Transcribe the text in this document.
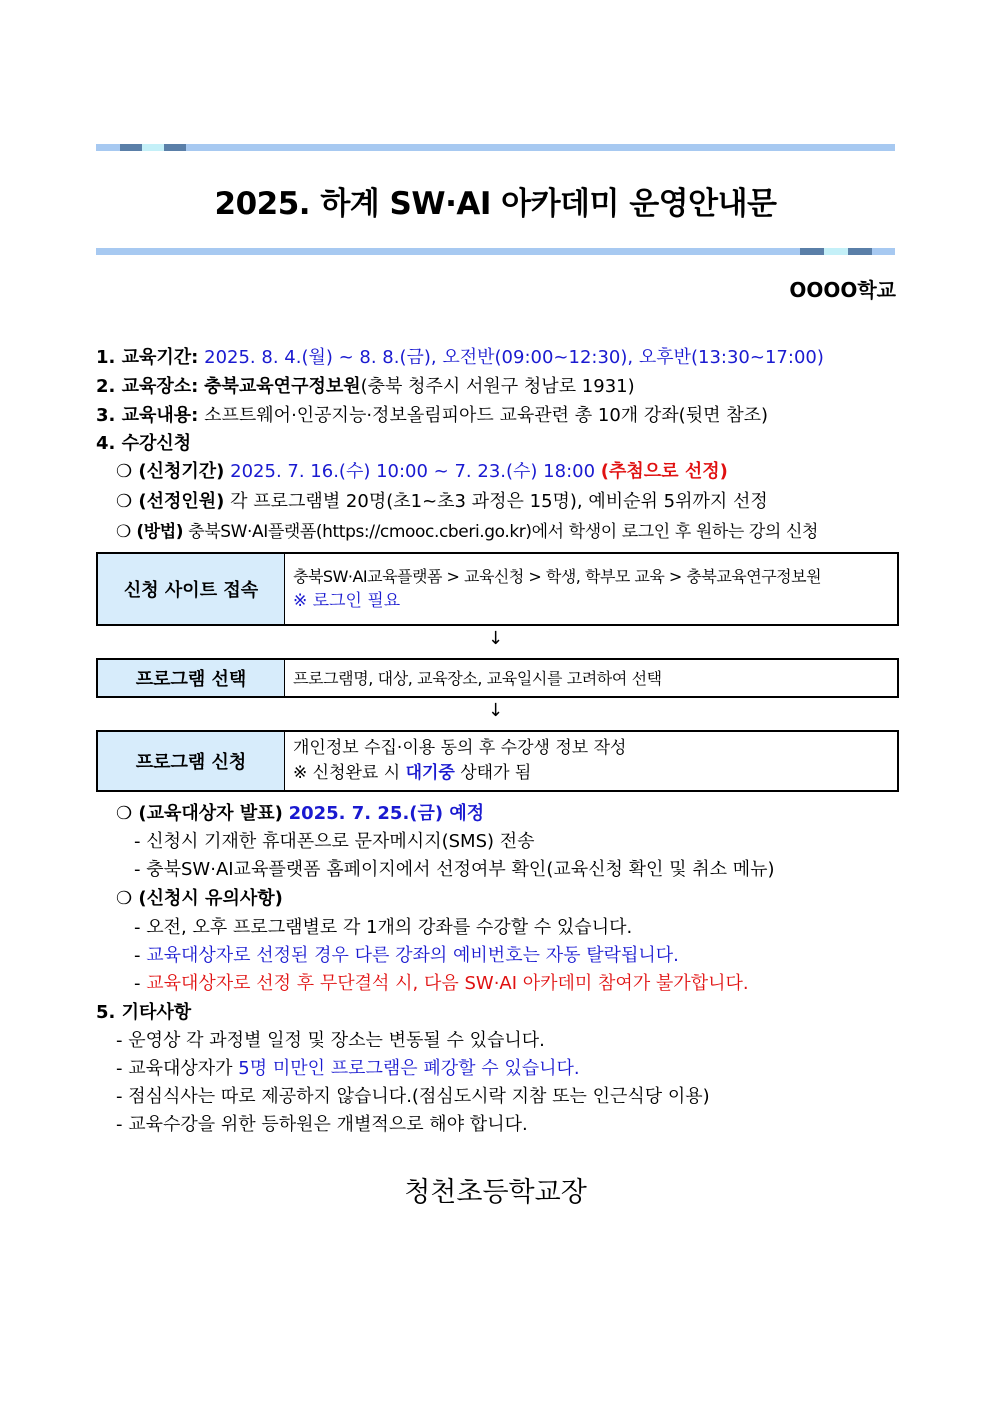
2025. 하계 SW·AI 아카데미 운영안내문
OOOO학교
1. 교육기간: 2025. 8. 4.(월) ~ 8. 8.(금), 오전반(09:00~12:30), 오후반(13:30~17:00)
2. 교육장소: 충북교육연구정보원(충북 청주시 서원구 청남로 1931)
3. 교육내용: 소프트웨어·인공지능·정보올림피아드 교육관련 총 10개 강좌(뒷면 참조)
4. 수강신청
❍ (신청기간) 2025. 7. 16.(수) 10:00 ~ 7. 23.(수) 18:00 (추첨으로 선정)
❍ (선정인원) 각 프로그램별 20명(초1~초3 과정은 15명), 예비순위 5위까지 선정
❍ (방법) 충북SW·AI플랫폼(https://cmooc.cberi.go.kr)에서 학생이 로그인 후 원하는 강의 신청
신청 사이트 접속
충북SW·AI교육플랫폼 > 교육신청 > 학생, 학부모 교육 > 충북교육연구정보원
※ 로그인 필요
↓
프로그램 선택	프로그램명, 대상, 교육장소, 교육일시를 고려하여 선택
↓
프로그램 신청
개인정보 수집·이용 동의 후 수강생 정보 작성
※ 신청완료 시 대기중 상태가 됨
❍ (교육대상자 발표) 2025. 7. 25.(금) 예정
- 신청시 기재한 휴대폰으로 문자메시지(SMS) 전송
- 충북SW·AI교육플랫폼 홈페이지에서 선정여부 확인(교육신청 확인 및 취소 메뉴)
❍ (신청시 유의사항)
- 오전, 오후 프로그램별로 각 1개의 강좌를 수강할 수 있습니다.
- 교육대상자로 선정된 경우 다른 강좌의 예비번호는 자동 탈락됩니다.
- 교육대상자로 선정 후 무단결석 시, 다음 SW·AI 아카데미 참여가 불가합니다.
5. 기타사항
- 운영상 각 과정별 일정 및 장소는 변동될 수 있습니다.
- 교육대상자가 5명 미만인 프로그램은 폐강할 수 있습니다.
- 점심식사는 따로 제공하지 않습니다.(점심도시락 지참 또는 인근식당 이용)
- 교육수강을 위한 등하원은 개별적으로 해야 합니다.
청천초등학교장
